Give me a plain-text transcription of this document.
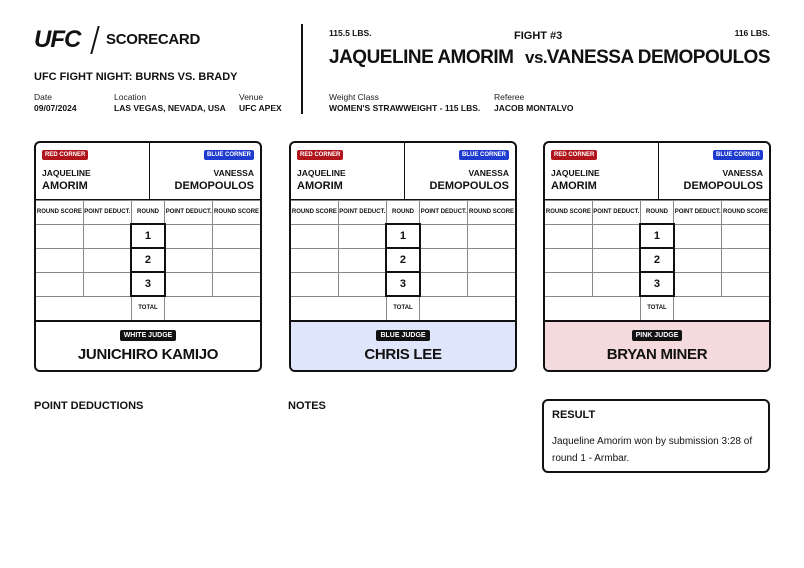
UFC SCORECARD
UFC FIGHT NIGHT: BURNS VS. BRADY
Date
09/07/2024
Location
LAS VEGAS, NEVADA, USA
Venue
UFC APEX
115.5 LBS.	FIGHT #3	116 LBS.
JAQUELINE AMORIM vs. VANESSA DEMOPOULOS
Weight Class
WOMEN'S STRAWWEIGHT - 115 LBS.
Referee
JACOB MONTALVO
RED CORNER
JAQUELINE
AMORIM
BLUE CORNER
VANESSA
DEMOPOULOS
ROUND SCORE	POINT DEDUCT.	ROUND	POINT DEDUCT.	ROUND SCORE
		1		
		2		
		3		
		TOTAL		
WHITE JUDGE
JUNICHIRO KAMIJO
RED CORNER
JAQUELINE
AMORIM
BLUE CORNER
VANESSA
DEMOPOULOS
ROUND SCORE	POINT DEDUCT.	ROUND	POINT DEDUCT.	ROUND SCORE
		1		
		2		
		3		
		TOTAL		
BLUE JUDGE
CHRIS LEE
RED CORNER
JAQUELINE
AMORIM
BLUE CORNER
VANESSA
DEMOPOULOS
ROUND SCORE	POINT DEDUCT.	ROUND	POINT DEDUCT.	ROUND SCORE
		1		
		2		
		3		
		TOTAL		
PINK JUDGE
BRYAN MINER
POINT DEDUCTIONS	NOTES
RESULT
Jaqueline Amorim won by submission 3:28 of round 1 - Armbar.
